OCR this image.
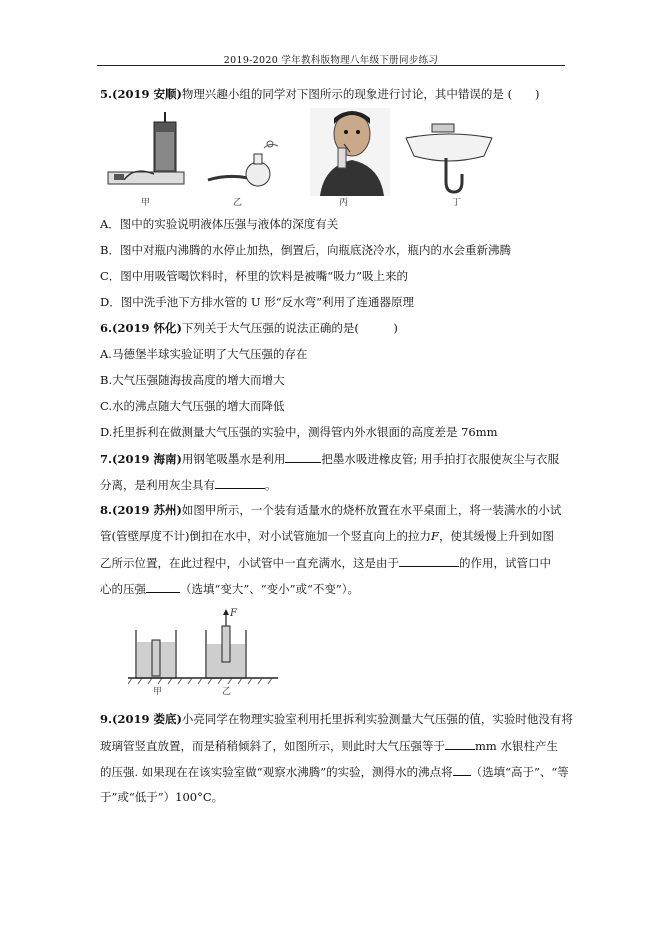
2019-2020 学年教科版物理八年级下册同步练习
5.(2019 安顺)物理兴趣小组的同学对下图所示的现象进行讨论，其中错误的是 (　　)
甲	乙	丙	丁
A．图中的实验说明液体压强与液体的深度有关
B．图中对瓶内沸腾的水停止加热，倒置后，向瓶底浇冷水，瓶内的水会重新沸腾
C．图中用吸管喝饮料时，杯里的饮料是被嘴“吸力”吸上来的
D．图中洗手池下方排水管的 U 形“反水弯”利用了连通器原理
6.(2019 怀化)下列关于大气压强的说法正确的是(　　　)
A.马德堡半球实验证明了大气压强的存在
B.大气压强随海拔高度的增大而增大
C.水的沸点随大气压强的增大而降低
D.托里拆利在做测量大气压强的实验中，测得管内外水银面的高度差是 76mm
7.(2019 海南)用钢笔吸墨水是利用	把墨水吸进橡皮管; 用手拍打衣服使灰尘与衣服
分离，是利用灰尘具有	。
8.(2019 苏州)如图甲所示，一个装有适量水的烧杯放置在水平桌面上，将一装满水的小试
管(管壁厚度不计)倒扣在水中，对小试管施加一个竖直向上的拉力F，使其缓慢上升到如图
乙所示位置，在此过程中，小试管中一直充满水，这是由于	的作用，试管口中
心的压强	（选填“变大”、“变小”或“不变”）。
F
甲	乙
9.(2019 娄底)小亮同学在物理实验室利用托里拆利实验测量大气压强的值，实验时他没有将
玻璃管竖直放置，而是稍稍倾斜了，如图所示，则此时大气压强等于	mm 水银柱产生
的压强. 如果现在在该实验室做“观察水沸腾”的实验，测得水的沸点将 （选填“高于”、“等
于”或“低于”）100°C。
